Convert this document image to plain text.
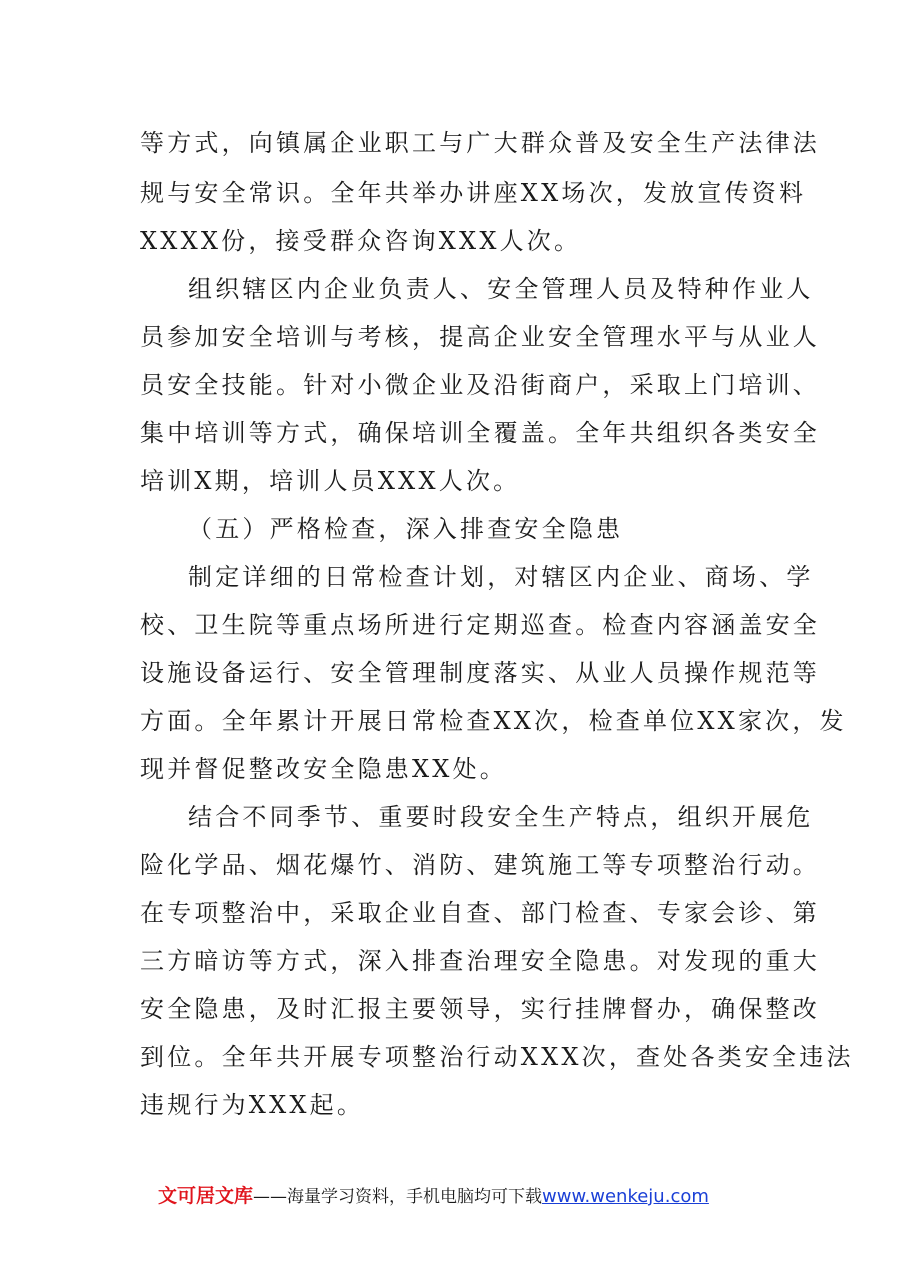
等方式，向镇属企业职工与广大群众普及安全生产法律法
规与安全常识。全年共举办讲座XX场次，发放宣传资料
XXXX份，接受群众咨询XXX人次。
组织辖区内企业负责人、安全管理人员及特种作业人
员参加安全培训与考核，提高企业安全管理水平与从业人
员安全技能。针对小微企业及沿街商户，采取上门培训、
集中培训等方式，确保培训全覆盖。全年共组织各类安全
培训X期，培训人员XXX人次。
（五）严格检查，深入排查安全隐患
制定详细的日常检查计划，对辖区内企业、商场、学
校、卫生院等重点场所进行定期巡查。检查内容涵盖安全
设施设备运行、安全管理制度落实、从业人员操作规范等
方面。全年累计开展日常检查XX次，检查单位XX家次，发
现并督促整改安全隐患XX处。
结合不同季节、重要时段安全生产特点，组织开展危
险化学品、烟花爆竹、消防、建筑施工等专项整治行动。
在专项整治中，采取企业自查、部门检查、专家会诊、第
三方暗访等方式，深入排查治理安全隐患。对发现的重大
安全隐患，及时汇报主要领导，实行挂牌督办，确保整改
到位。全年共开展专项整治行动XXX次，查处各类安全违法
违规行为XXX起。
文可居文库——海量学习资料，手机电脑均可下载www.wenkeju.com
